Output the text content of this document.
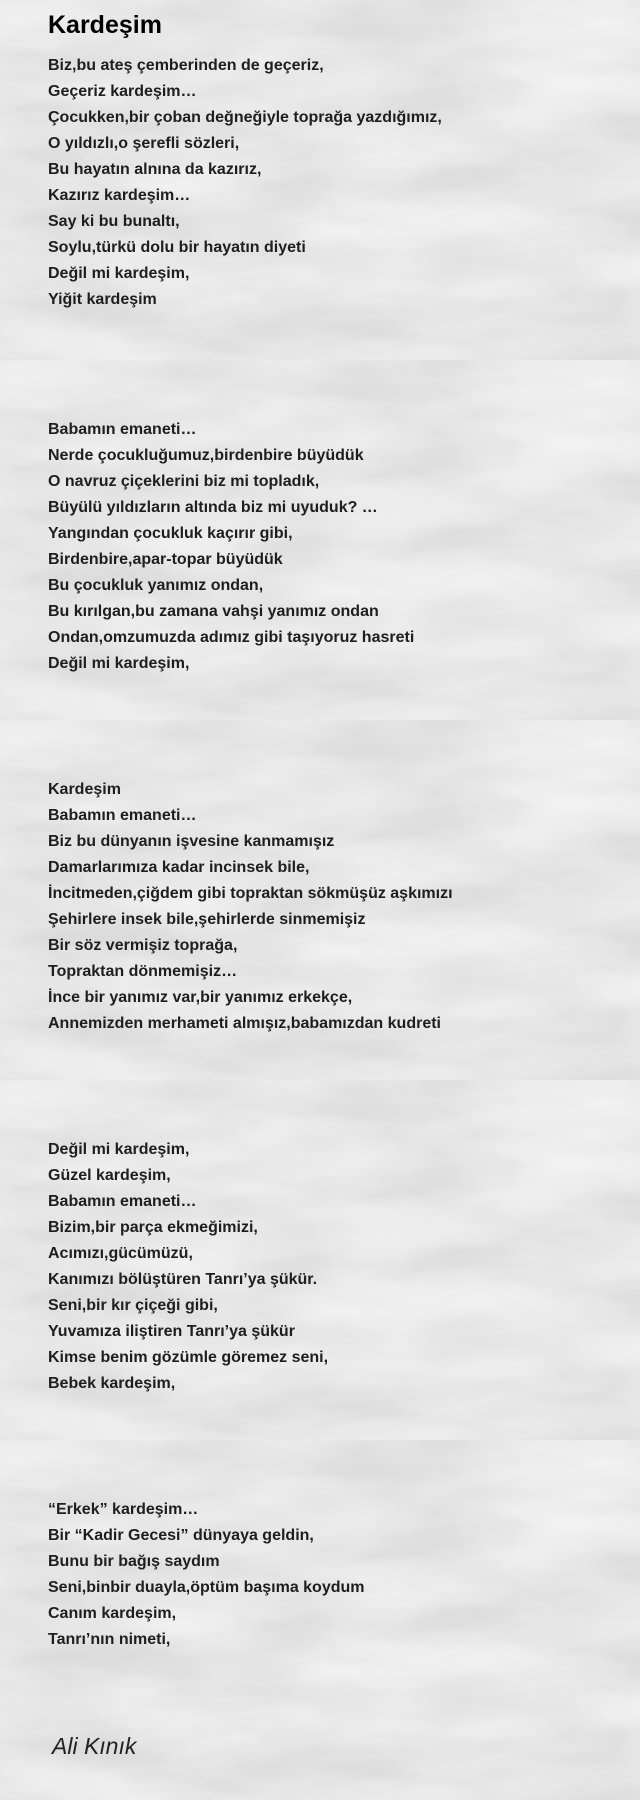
Kardeşim
Biz,bu ateş çemberinden de geçeriz,
Geçeriz kardeşim…
Çocukken,bir çoban değneğiyle toprağa yazdığımız,
O yıldızlı,o şerefli sözleri,
Bu hayatın alnına da kazırız,
Kazırız kardeşim…
Say ki bu bunaltı,
Soylu,türkü dolu bir hayatın diyeti
Değil mi kardeşim,
Yiğit kardeşim
Babamın emaneti…
Nerde çocukluğumuz,birdenbire büyüdük
O navruz çiçeklerini biz mi topladık,
Büyülü yıldızların altında biz mi uyuduk? …
Yangından çocukluk kaçırır gibi,
Birdenbire,apar-topar büyüdük
Bu çocukluk yanımız ondan,
Bu kırılgan,bu zamana vahşi yanımız ondan
Ondan,omzumuzda adımız gibi taşıyoruz hasreti
Değil mi kardeşim,
Kardeşim
Babamın emaneti…
Biz bu dünyanın işvesine kanmamışız
Damarlarımıza kadar incinsek bile,
İncitmeden,çiğdem gibi topraktan sökmüşüz aşkımızı
Şehirlere insek bile,şehirlerde sinmemişiz
Bir söz vermişiz toprağa,
Topraktan dönmemişiz…
İnce bir yanımız var,bir yanımız erkekçe,
Annemizden merhameti almışız,babamızdan kudreti
Değil mi kardeşim,
Güzel kardeşim,
Babamın emaneti…
Bizim,bir parça ekmeğimizi,
Acımızı,gücümüzü,
Kanımızı bölüştüren Tanrı’ya şükür.
Seni,bir kır çiçeği gibi,
Yuvamıza iliştiren Tanrı’ya şükür
Kimse benim gözümle göremez seni,
Bebek kardeşim,
“Erkek” kardeşim…
Bir “Kadir Gecesi” dünyaya geldin,
Bunu bir bağış saydım
Seni,binbir duayla,öptüm başıma koydum
Canım kardeşim,
Tanrı’nın nimeti,
Ali Kınık
